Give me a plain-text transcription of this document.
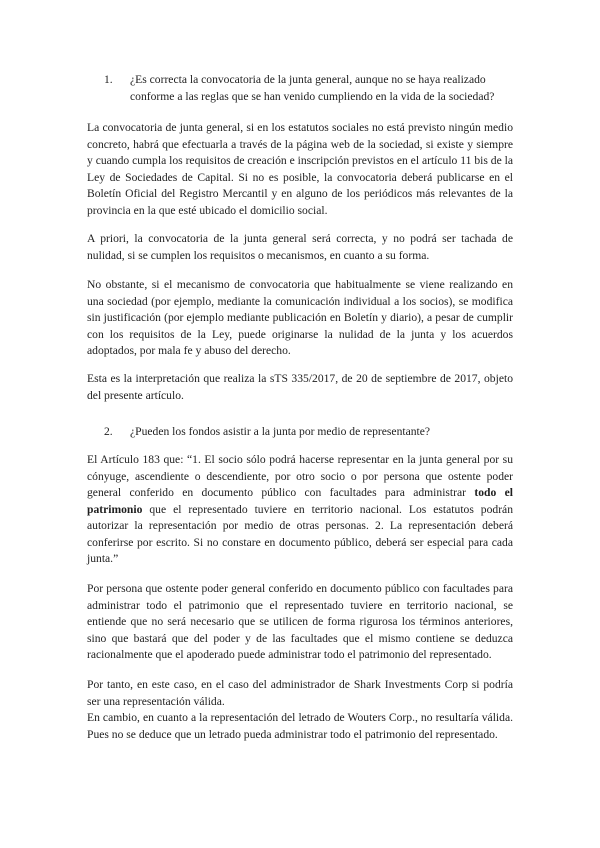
1.	¿Es correcta la convocatoria de la junta general, aunque no se haya realizado conforme a las reglas que se han venido cumpliendo en la vida de la sociedad?

La convocatoria de junta general, si en los estatutos sociales no está previsto ningún medio concreto, habrá que efectuarla a través de la página web de la sociedad, si existe y siempre y cuando cumpla los requisitos de creación e inscripción previstos en el artículo 11 bis de la Ley de Sociedades de Capital. Si no es posible, la convocatoria deberá publicarse en el Boletín Oficial del Registro Mercantil y en alguno de los periódicos más relevantes de la provincia en la que esté ubicado el domicilio social.

A priori, la convocatoria de la junta general será correcta, y no podrá ser tachada de nulidad, si se cumplen los requisitos o mecanismos, en cuanto a su forma.

No obstante, si el mecanismo de convocatoria que habitualmente se viene realizando en una sociedad (por ejemplo, mediante la comunicación individual a los socios), se modifica sin justificación (por ejemplo mediante publicación en Boletín y diario), a pesar de cumplir con los requisitos de la Ley, puede originarse la nulidad de la junta y los acuerdos adoptados, por mala fe y abuso del derecho.

Esta es la interpretación que realiza la sTS 335/2017, de 20 de septiembre de 2017, objeto del presente artículo.

2.	¿Pueden los fondos asistir a la junta por medio de representante?

El Artículo 183 que: “1. El socio sólo podrá hacerse representar en la junta general por su cónyuge, ascendiente o descendiente, por otro socio o por persona que ostente poder general conferido en documento público con facultades para administrar todo el patrimonio que el representado tuviere en territorio nacional. Los estatutos podrán autorizar la representación por medio de otras personas. 2. La representación deberá conferirse por escrito. Si no constare en documento público, deberá ser especial para cada junta.”

Por persona que ostente poder general conferido en documento público con facultades para administrar todo el patrimonio que el representado tuviere en territorio nacional, se entiende que no será necesario que se utilicen de forma rigurosa los términos anteriores, sino que bastará que del poder y de las facultades que el mismo contiene se deduzca racionalmente que el apoderado puede administrar todo el patrimonio del representado.

Por tanto, en este caso, en el caso del administrador de Shark Investments Corp si podría ser una representación válida.

En cambio, en cuanto a la representación del letrado de Wouters Corp., no resultaría válida. Pues no se deduce que un letrado pueda administrar todo el patrimonio del representado.
